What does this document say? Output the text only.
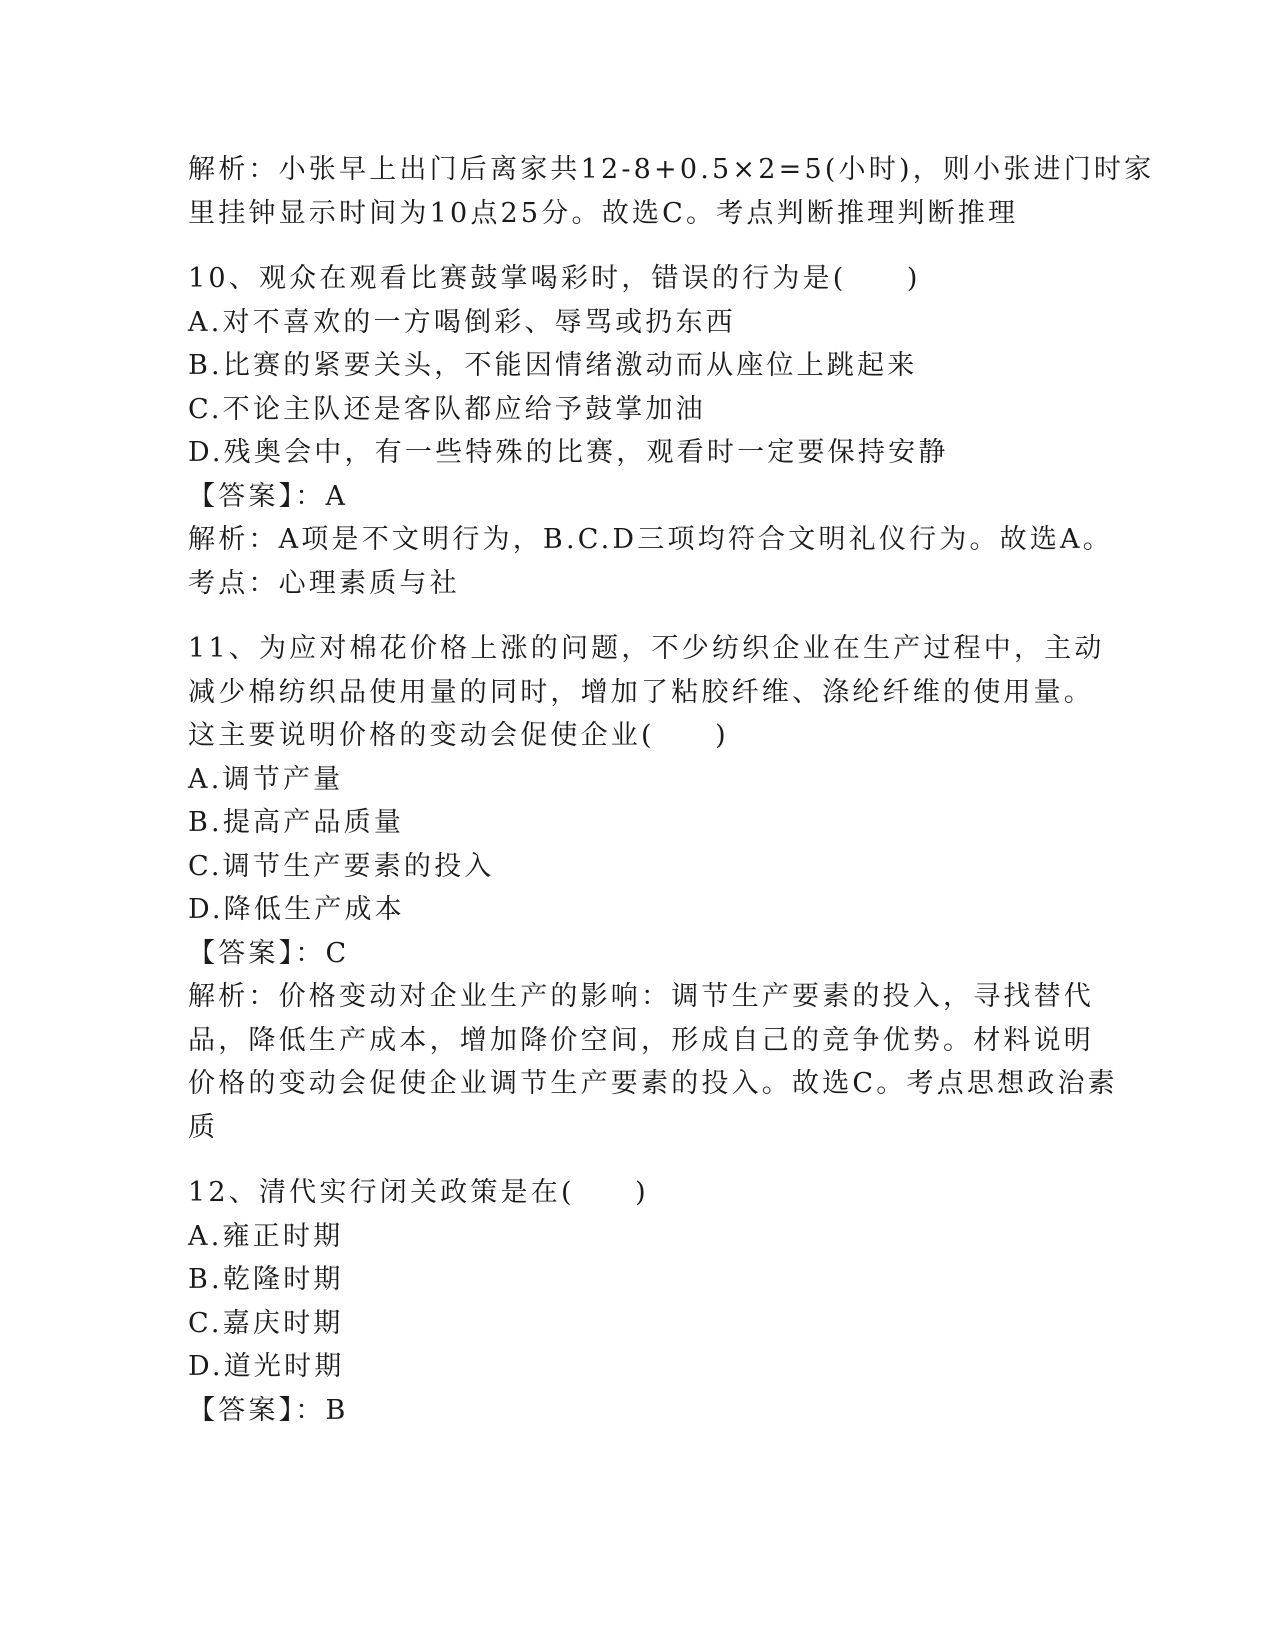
解析：小张早上出门后离家共12-8+0.5×2=5(小时)，则小张进门时家
里挂钟显示时间为10点25分。故选C。考点判断推理判断推理
10、观众在观看比赛鼓掌喝彩时，错误的行为是(　　)
A.对不喜欢的一方喝倒彩、辱骂或扔东西
B.比赛的紧要关头，不能因情绪激动而从座位上跳起来
C.不论主队还是客队都应给予鼓掌加油
D.残奥会中，有一些特殊的比赛，观看时一定要保持安静
【答案】：A
解析：A项是不文明行为，B.C.D三项均符合文明礼仪行为。故选A。
考点：心理素质与社
11、为应对棉花价格上涨的问题，不少纺织企业在生产过程中，主动
减少棉纺织品使用量的同时，增加了粘胶纤维、涤纶纤维的使用量。
这主要说明价格的变动会促使企业(　　)
A.调节产量
B.提高产品质量
C.调节生产要素的投入
D.降低生产成本
【答案】：C
解析：价格变动对企业生产的影响：调节生产要素的投入，寻找替代
品，降低生产成本，增加降价空间，形成自己的竞争优势。材料说明
价格的变动会促使企业调节生产要素的投入。故选C。考点思想政治素
质
12、清代实行闭关政策是在(　　)
A.雍正时期
B.乾隆时期
C.嘉庆时期
D.道光时期
【答案】：B
